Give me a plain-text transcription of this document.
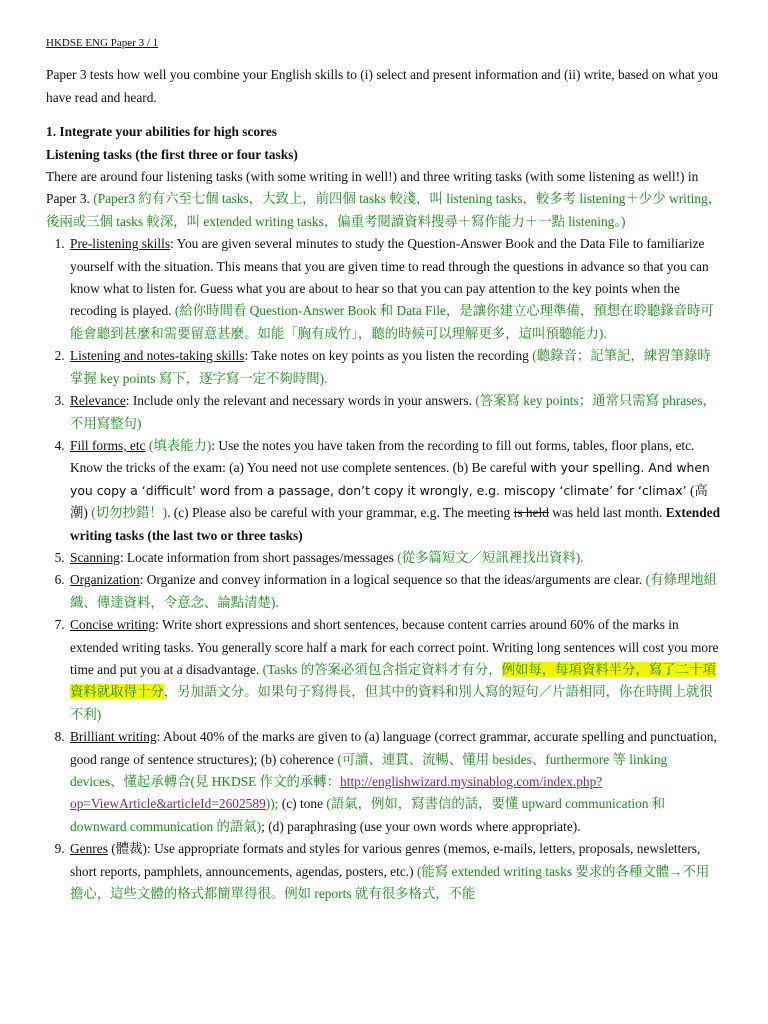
HKDSE ENG Paper 3 / 1

Paper 3 tests how well you combine your English skills to (i) select and present information and (ii) write, based on what you have read and heard.

1. Integrate your abilities for high scores

Listening tasks (the first three or four tasks)

There are around four listening tasks (with some writing in well!) and three writing tasks (with some listening as well!) in Paper 3. (Paper3 約有六至七個 tasks，大致上，前四個 tasks 較淺，叫 listening tasks，較多考 listening＋少少 writing，後兩或三個 tasks 較深，叫 extended writing tasks，偏重考閱讀資料搜尋＋寫作能力＋一點 listening。)

1. Pre-listening skills: You are given several minutes to study the Question-Answer Book and the Data File to familiarize yourself with the situation. This means that you are given time to read through the questions in advance so that you can know what to listen for. Guess what you are about to hear so that you can pay attention to the key points when the recoding is played. (給你時間看 Question-Answer Book 和 Data File，是讓你建立心理準備，預想在聆聽錄音時可能會聽到甚麼和需要留意甚麼。如能「胸有成竹」，聽的時候可以理解更多，這叫預聽能力).
2. Listening and notes-taking skills: Take notes on key points as you listen the recording (聽錄音；記筆記，練習筆錄時掌握 key points 寫下，逐字寫一定不夠時間).
3. Relevance: Include only the relevant and necessary words in your answers. (答案寫 key points；通常只需寫 phrases，不用寫整句)
4. Fill forms, etc (填表能力): Use the notes you have taken from the recording to fill out forms, tables, floor plans, etc. Know the tricks of the exam: (a) You need not use complete sentences. (b) Be careful with your spelling. And when you copy a ‘difficult’ word from a passage, don’t copy it wrongly, e.g. miscopy ‘climate’ for ‘climax’ (高潮) (切勿抄錯！). (c) Please also be careful with your grammar, e.g. The meeting is held was held last month. Extended writing tasks (the last two or three tasks)
5. Scanning: Locate information from short passages/messages (從多篇短文／短訊裡找出資料).
6. Organization: Organize and convey information in a logical sequence so that the ideas/arguments are clear. (有條理地組織、傳達資料，令意念、論點清楚).
7. Concise writing: Write short expressions and short sentences, because content carries around 60% of the marks in extended writing tasks. You generally score half a mark for each correct point. Writing long sentences will cost you more time and put you at a disadvantage. (Tasks 的答案必須包含指定資料才有分，例如每，每項資料半分，寫了二十項資料就取得十分，另加語文分。如果句子寫得長，但其中的資料和別人寫的短句／片語相同，你在時間上就很不利)
8. Brilliant writing: About 40% of the marks are given to (a) language (correct grammar, accurate spelling and punctuation, good range of sentence structures); (b) coherence (可讀、連貫、流暢、懂用 besides、furthermore 等 linking devices、懂起承轉合(見 HKDSE 作文的承轉：http://englishwizard.mysinablog.com/index.php?op=ViewArticle&articleId=2602589)); (c) tone (語氣，例如，寫書信的話，要懂 upward communication 和 downward communication 的語氣); (d) paraphrasing (use your own words where appropriate).
9. Genres (體裁): Use appropriate formats and styles for various genres (memos, e-mails, letters, proposals, newsletters, short reports, pamphlets, announcements, agendas, posters, etc.) (能寫 extended writing tasks 要求的各種文體→不用擔心，這些文體的格式都簡單得很。例如 reports 就有很多格式，不能
